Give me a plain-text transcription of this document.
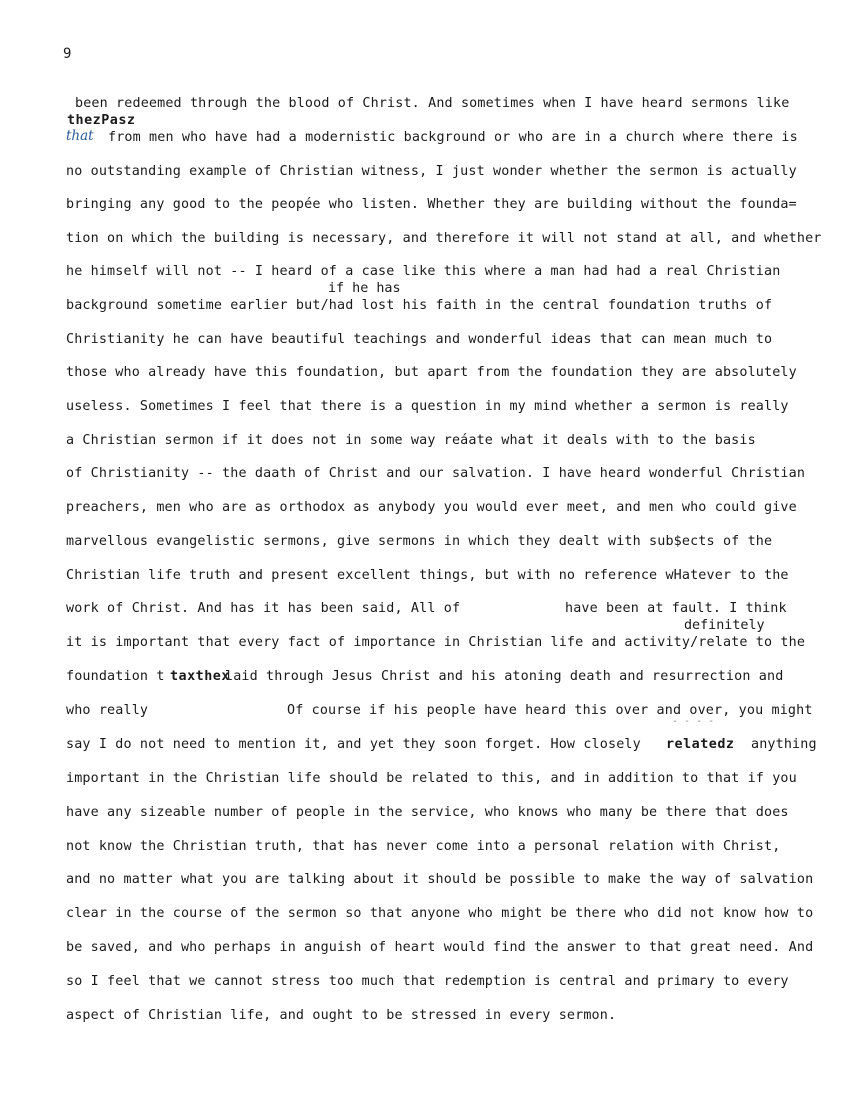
9
been redeemed through the blood of Christ. And sometimes when I have heard sermons like
thezPasz
that from men who have had a modernistic background or who are in a church where there is
no outstanding example of Christian witness, I just wonder whether the sermon is actually
bringing any good to the peopée who listen. Whether they are building without the founda=
tion on which the building is necessary, and therefore it will not stand at all, and whether
he himself will not -- I heard of a case like this where a man had had a real Christian
if he has
background sometime earlier but/had lost his faith in the central foundation truths of
Christianity he can have beautiful teachings and wonderful ideas that can mean much to
those who already have this foundation, but apart from the foundation they are absolutely
useless. Sometimes I feel that there is a question in my mind whether a sermon is really
a Christian sermon if it does not in some way reáate what it deals with to the basis
of Christianity -- the daath of Christ and our salvation. I have heard wonderful Christian
preachers, men who are as orthodox as anybody you would ever meet, and men who could give
marvellous evangelistic sermons, give sermons in which they dealt with sub$ects of the
Christian life truth and present excellent things, but with no reference wHatever to the
work of Christ. And has it has been said, All of	have been at fault. I think
definitely
it is important that every fact of importance in Christian life and activity/relate to the
foundation t taxthex
laid through Jesus Christ and his atoning death and resurrection and
who really	Of course if his people have heard this over and over, you might
- - - -
say I do not need to mention it, and yet they soon forget. How closely relatedz anything
important in the Christian life should be related to this, and in addition to that if you
have any sizeable number of people in the service, who knows who many be there that does
not know the Christian truth, that has never come into a personal relation with Christ,
and no matter what you are talking about it should be possible to make the way of salvation
clear in the course of the sermon so that anyone who might be there who did not know how to
be saved, and who perhaps in anguish of heart would find the answer to that great need. And
so I feel that we cannot stress too much that redemption is central and primary to every
aspect of Christian life, and ought to be stressed in every sermon.
